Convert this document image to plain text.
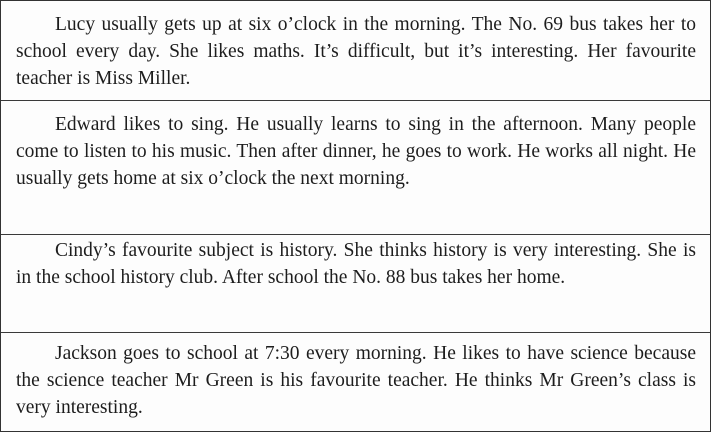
Lucy usually gets up at six o’clock in the morning. The No. 69 bus takes her to school every day. She likes maths. It’s difficult, but it’s interesting. Her favourite teacher is Miss Miller.
Edward likes to sing. He usually learns to sing in the afternoon. Many people come to listen to his music. Then after dinner, he goes to work. He works all night. He usually gets home at six o’clock the next morning.
Cindy’s favourite subject is history. She thinks history is very interesting. She is in the school history club. After school the No. 88 bus takes her home.
Jackson goes to school at 7:30 every morning. He likes to have science because the science teacher Mr Green is his favourite teacher. He thinks Mr Green’s class is very interesting.
